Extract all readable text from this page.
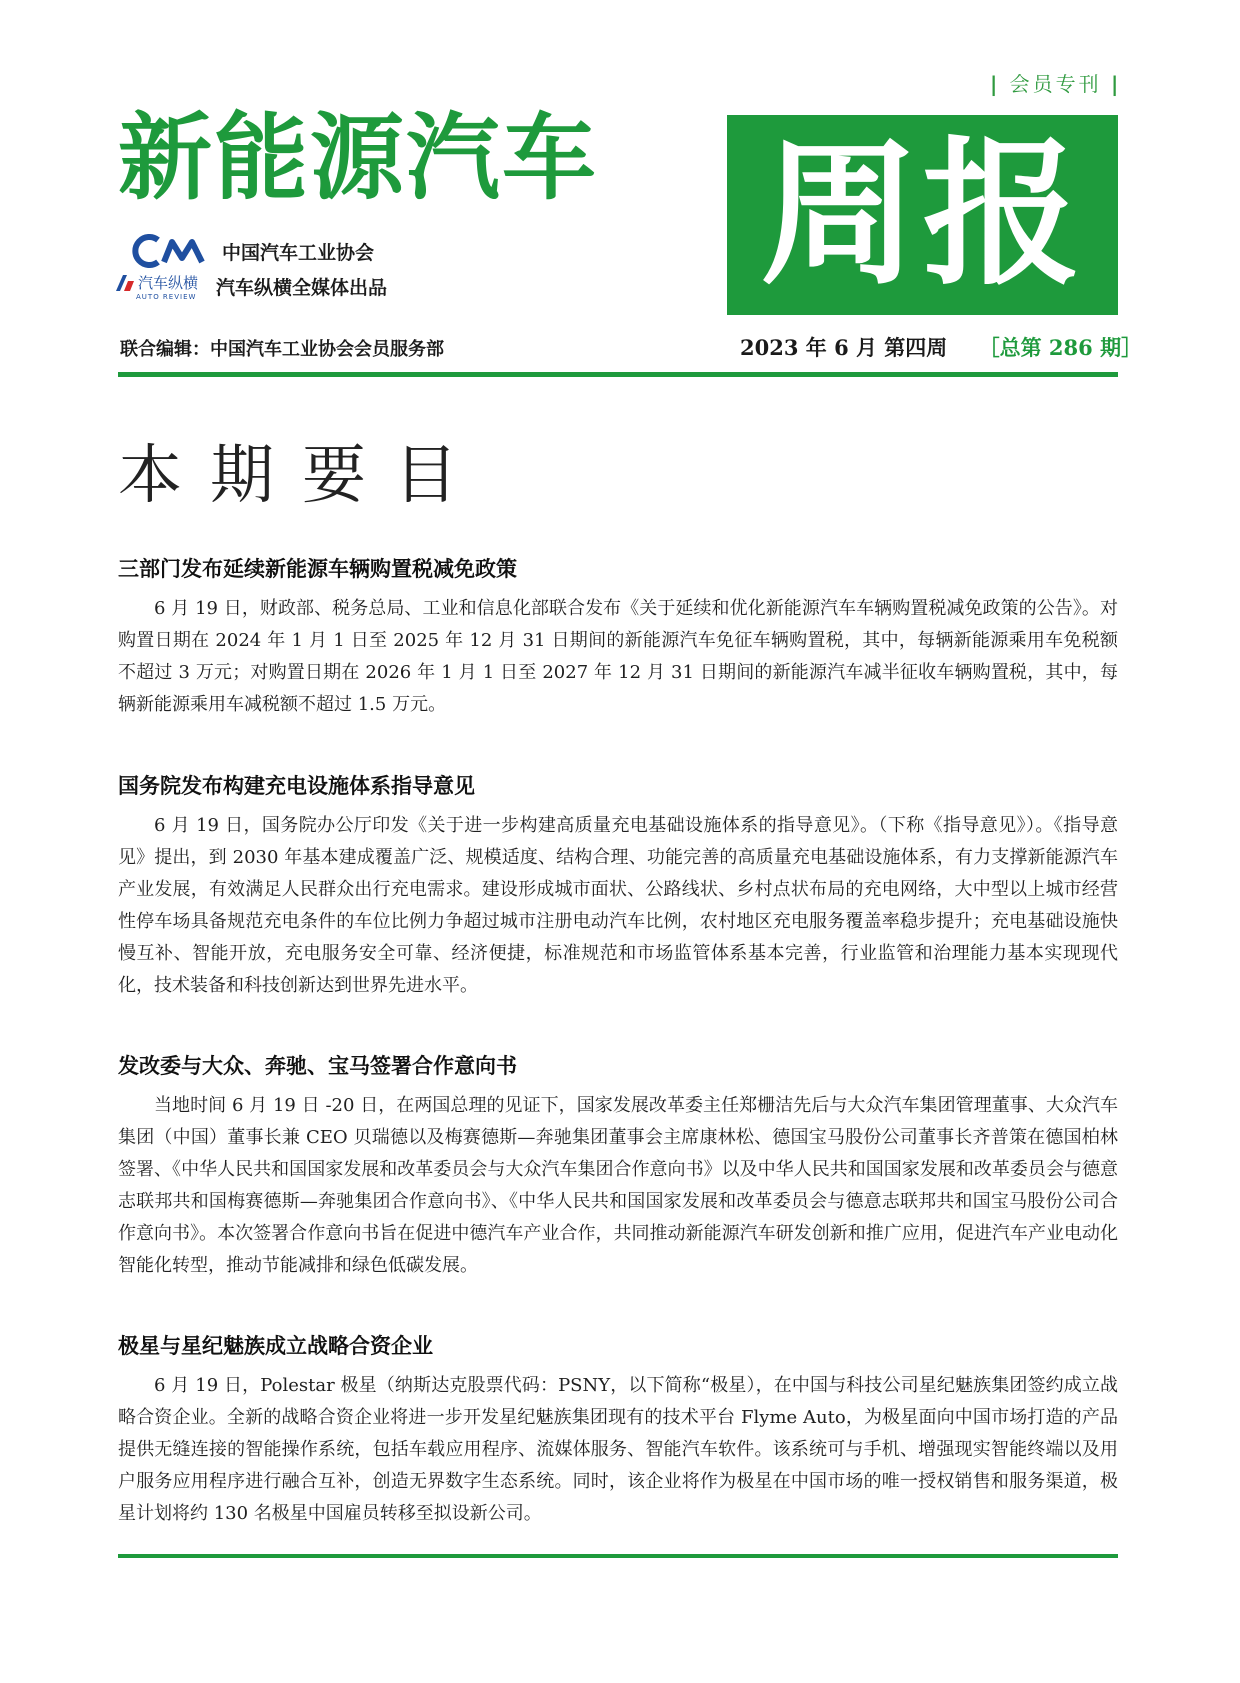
| 会员专刊 |
新能源汽车 周报
中国汽车工业协会
汽车纵横
AUTO REVIEW 汽车纵横全媒体出品
联合编辑：中国汽车工业协会会员服务部	2023 年 6 月 第四周 ［总第 286 期］
本期要目
三部门发布延续新能源车辆购置税减免政策

6 月 19 日，财政部、税务总局、工业和信息化部联合发布《关于延续和优化新能源汽车车辆购置税减免政策的公告》。对购置日期在 2024 年 1 月 1 日至 2025 年 12 月 31 日期间的新能源汽车免征车辆购置税，其中，每辆新能源乘用车免税额不超过 3 万元；对购置日期在 2026 年 1 月 1 日至 2027 年 12 月 31 日期间的新能源汽车减半征收车辆购置税，其中，每辆新能源乘用车减税额不超过 1.5 万元。

国务院发布构建充电设施体系指导意见

6 月 19 日，国务院办公厅印发《关于进一步构建高质量充电基础设施体系的指导意见》。（下称《指导意见》）。《指导意见》提出，到 2030 年基本建成覆盖广泛、规模适度、结构合理、功能完善的高质量充电基础设施体系，有力支撑新能源汽车产业发展，有效满足人民群众出行充电需求。建设形成城市面状、公路线状、乡村点状布局的充电网络，大中型以上城市经营性停车场具备规范充电条件的车位比例力争超过城市注册电动汽车比例，农村地区充电服务覆盖率稳步提升；充电基础设施快慢互补、智能开放，充电服务安全可靠、经济便捷，标准规范和市场监管体系基本完善，行业监管和治理能力基本实现现代化，技术装备和科技创新达到世界先进水平。

发改委与大众、奔驰、宝马签署合作意向书

当地时间 6 月 19 日 -20 日，在两国总理的见证下，国家发展改革委主任郑栅洁先后与大众汽车集团管理董事、大众汽车集团（中国）董事长兼 CEO 贝瑞德以及梅赛德斯—奔驰集团董事会主席康林松、德国宝马股份公司董事长齐普策在德国柏林签署、《中华人民共和国国家发展和改革委员会与大众汽车集团合作意向书》以及中华人民共和国国家发展和改革委员会与德意志联邦共和国梅赛德斯—奔驰集团合作意向书》、《中华人民共和国国家发展和改革委员会与德意志联邦共和国宝马股份公司合作意向书》。本次签署合作意向书旨在促进中德汽车产业合作，共同推动新能源汽车研发创新和推广应用，促进汽车产业电动化智能化转型，推动节能减排和绿色低碳发展。

极星与星纪魅族成立战略合资企业

6 月 19 日，Polestar 极星（纳斯达克股票代码：PSNY，以下简称“极星），在中国与科技公司星纪魅族集团签约成立战略合资企业。全新的战略合资企业将进一步开发星纪魅族集团现有的技术平台 Flyme Auto，为极星面向中国市场打造的产品提供无缝连接的智能操作系统，包括车载应用程序、流媒体服务、智能汽车软件。该系统可与手机、增强现实智能终端以及用户服务应用程序进行融合互补，创造无界数字生态系统。同时，该企业将作为极星在中国市场的唯一授权销售和服务渠道，极星计划将约 130 名极星中国雇员转移至拟设新公司。
